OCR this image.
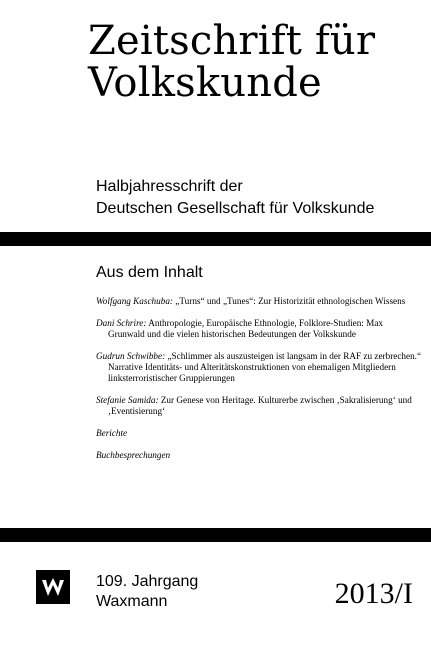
Zeitschrift für
Volkskunde
Halbjahresschrift der
Deutschen Gesellschaft für Volkskunde
Aus dem Inhalt
Wolfgang Kaschuba: „Turns“ und „Tunes“: Zur Historizität ethnologischen Wissens
Dani Schrire: Anthropologie, Europäische Ethnologie, Folklore-Studien: Max Grunwald und die vielen historischen Bedeutungen der Volkskunde
Gudrun Schwibbe: „Schlimmer als auszusteigen ist langsam in der RAF zu zerbrechen.“ Narrative Identitäts- und Alteritätskonstruktionen von ehemaligen Mitgliedern linksterroristischer Gruppierungen
Stefanie Samida: Zur Genese von Heritage. Kulturerbe zwischen ‚Sakralisierung‘ und ‚Eventisierung‘
Berichte
Buchbesprechungen
109. Jahrgang
Waxmann	2013/I
